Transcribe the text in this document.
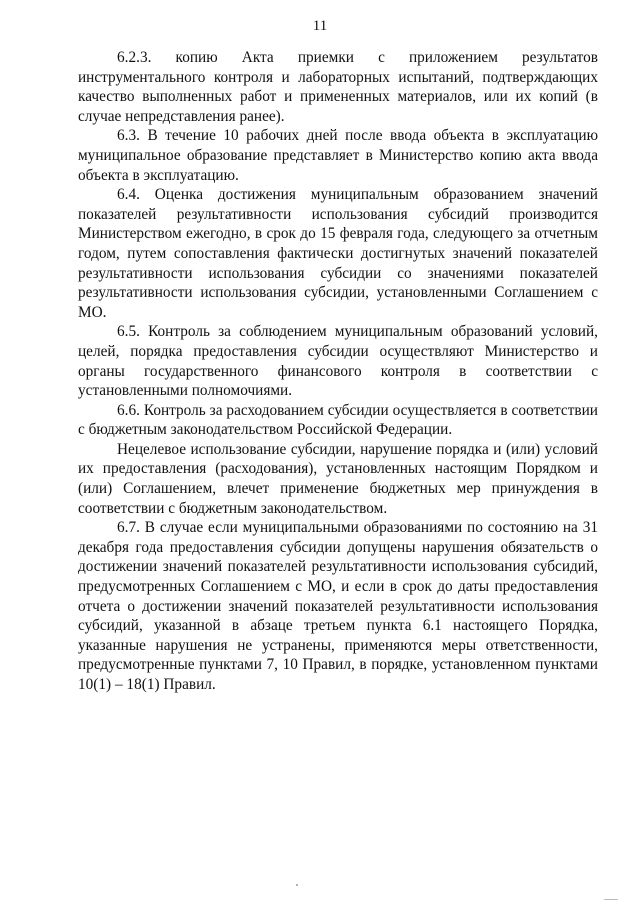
11

6.2.3. копию Акта приемки с приложением результатов инструментального контроля и лабораторных испытаний, подтверждающих качество выполненных работ и примененных материалов, или их копий (в случае непредставления ранее).

6.3. В течение 10 рабочих дней после ввода объекта в эксплуатацию муниципальное образование представляет в Министерство копию акта ввода объекта в эксплуатацию.

6.4. Оценка достижения муниципальным образованием значений показателей результативности использования субсидий производится Министерством ежегодно, в срок до 15 февраля года, следующего за отчетным годом, путем сопоставления фактически достигнутых значений показателей результативности использования субсидии со значениями показателей результативности использования субсидии, установленными Соглашением с МО.

6.5. Контроль за соблюдением муниципальным образований условий, целей, порядка предоставления субсидии осуществляют Министерство и органы государственного финансового контроля в соответствии с установленными полномочиями.

6.6. Контроль за расходованием субсидии осуществляется в соответствии с бюджетным законодательством Российской Федерации.

Нецелевое использование субсидии, нарушение порядка и (или) условий их предоставления (расходования), установленных настоящим Порядком и (или) Соглашением, влечет применение бюджетных мер принуждения в соответствии с бюджетным законодательством.

6.7. В случае если муниципальными образованиями по состоянию на 31 декабря года предоставления субсидии допущены нарушения обязательств о достижении значений показателей результативности использования субсидий, предусмотренных Соглашением с МО, и если в срок до даты предоставления отчета о достижении значений показателей результативности использования субсидий, указанной в абзаце третьем пункта 6.1 настоящего Порядка, указанные нарушения не устранены, применяются меры ответственности, предусмотренные пунктами 7, 10 Правил, в порядке, установленном пунктами 10(1) – 18(1) Правил.
